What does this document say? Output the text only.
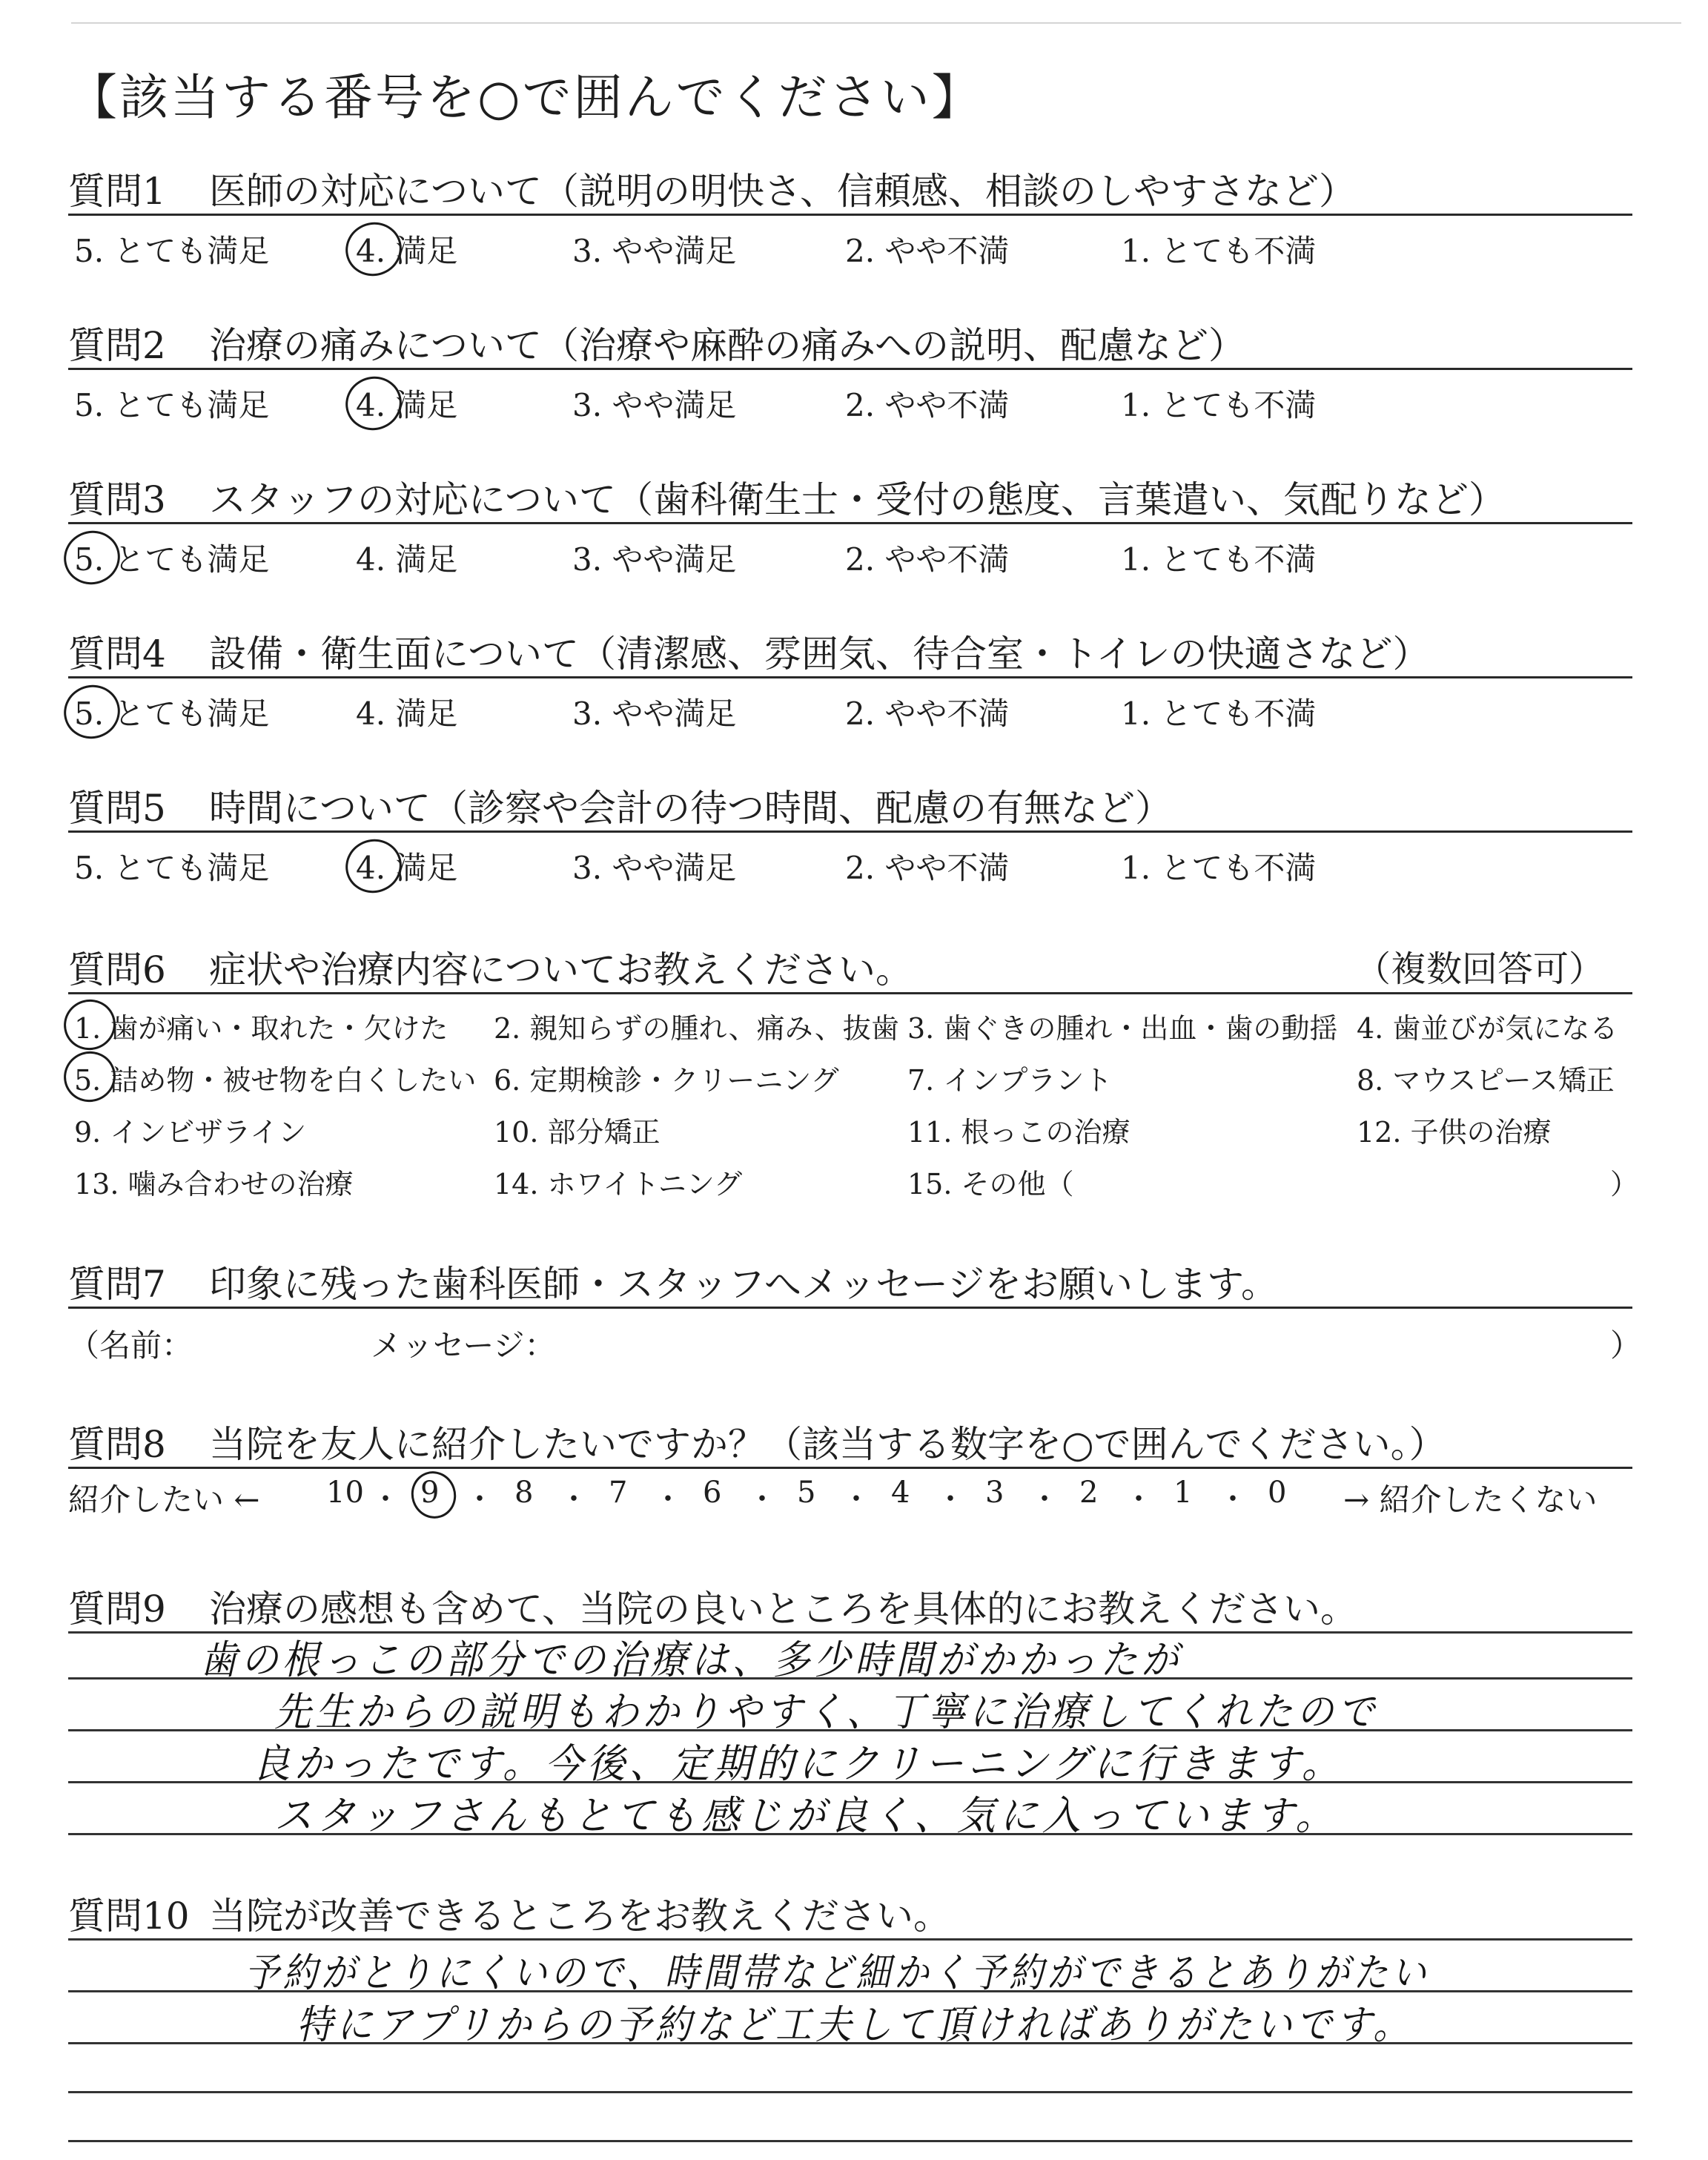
【該当する番号を○で囲んでください】
質問1 医師の対応について（説明の明快さ、信頼感、相談のしやすさなど）
5. とても満足	4. 満足	3. やや満足	2. やや不満	1. とても不満
質問2 治療の痛みについて（治療や麻酔の痛みへの説明、配慮など）
5. とても満足	4. 満足	3. やや満足	2. やや不満	1. とても不満
質問3 スタッフの対応について（歯科衛生士・受付の態度、言葉遣い、気配りなど）
5. とても満足	4. 満足	3. やや満足	2. やや不満	1. とても不満
質問4 設備・衛生面について（清潔感、雰囲気、待合室・トイレの快適さなど）
5. とても満足	4. 満足	3. やや満足	2. やや不満	1. とても不満
質問5 時間について（診察や会計の待つ時間、配慮の有無など）
5. とても満足	4. 満足	3. やや満足	2. やや不満	1. とても不満
質問6 症状や治療内容についてお教えください。	（複数回答可）
1. 歯が痛い・取れた・欠けた 2. 親知らずの腫れ、痛み、抜歯 3. 歯ぐきの腫れ・出血・歯の動揺 4. 歯並びが気になる
5. 詰め物・被せ物を白くしたい 6. 定期検診・クリーニング 7. インプラント	8. マウスピース矯正
9. インビザライン	10. 部分矯正	11. 根っこの治療	12. 子供の治療
13. 噛み合わせの治療	14. ホワイトニング	15. その他（	）
質問7 印象に残った歯科医師・スタッフへメッセージをお願いします。
（名前：	メッセージ：	）
質問8 当院を友人に紹介したいですか？（該当する数字を○で囲んでください。）
紹介したい ←	→ 紹介したくない
10 ・ 9 ・ 8 ・ 7 ・ 6 ・ 5 ・ 4 ・ 3 ・ 2 ・ 1 ・ 0
質問9 治療の感想も含めて、当院の良いところを具体的にお教えください。
歯の根っこの部分での治療は、多少時間がかかったが
先生からの説明もわかりやすく、丁寧に治療してくれたので
良かったです。今後、定期的にクリーニングに行きます。
スタッフさんもとても感じが良く、気に入っています。
質問10 当院が改善できるところをお教えください。
予約がとりにくいので、時間帯など細かく予約ができるとありがたい
特にアプリからの予約など工夫して頂ければありがたいです。
